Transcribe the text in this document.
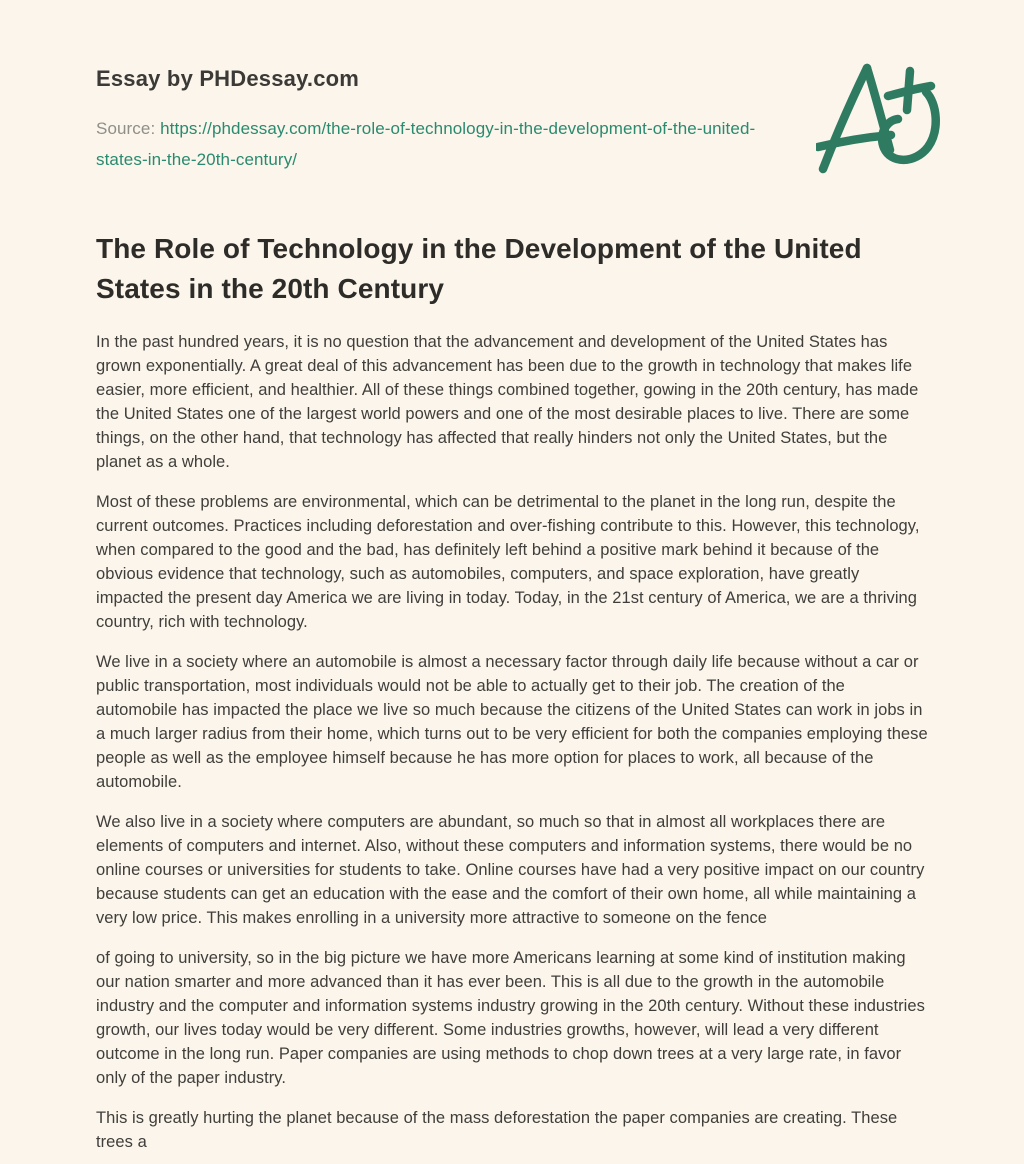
Essay by PHDessay.com

Source: https://phdessay.com/the-role-of-technology-in-the-development-of-the-united-states-in-the-20th-century/

The Role of Technology in the Development of the United States in the 20th Century

In the past hundred years, it is no question that the advancement and development of the United States has grown exponentially. A great deal of this advancement has been due to the growth in technology that makes life easier, more efficient, and healthier. All of these things combined together, gowing in the 20th century, has made the United States one of the largest world powers and one of the most desirable places to live. There are some things, on the other hand, that technology has affected that really hinders not only the United States, but the planet as a whole.

Most of these problems are environmental, which can be detrimental to the planet in the long run, despite the current outcomes. Practices including deforestation and over-fishing contribute to this. However, this technology, when compared to the good and the bad, has definitely left behind a positive mark behind it because of the obvious evidence that technology, such as automobiles, computers, and space exploration, have greatly impacted the present day America we are living in today. Today, in the 21st century of America, we are a thriving country, rich with technology.

We live in a society where an automobile is almost a necessary factor through daily life because without a car or public transportation, most individuals would not be able to actually get to their job. The creation of the automobile has impacted the place we live so much because the citizens of the United States can work in jobs in a much larger radius from their home, which turns out to be very efficient for both the companies employing these people as well as the employee himself because he has more option for places to work, all because of the automobile.

We also live in a society where computers are abundant, so much so that in almost all workplaces there are elements of computers and internet. Also, without these computers and information systems, there would be no online courses or universities for students to take. Online courses have had a very positive impact on our country because students can get an education with the ease and the comfort of their own home, all while maintaining a very low price. This makes enrolling in a university more attractive to someone on the fence

of going to university, so in the big picture we have more Americans learning at some kind of institution making our nation smarter and more advanced than it has ever been. This is all due to the growth in the automobile industry and the computer and information systems industry growing in the 20th century. Without these industries growth, our lives today would be very different. Some industries growths, however, will lead a very different outcome in the long run. Paper companies are using methods to chop down trees at a very large rate, in favor only of the paper industry.

This is greatly hurting the planet because of the mass deforestation the paper companies are creating. These trees a
